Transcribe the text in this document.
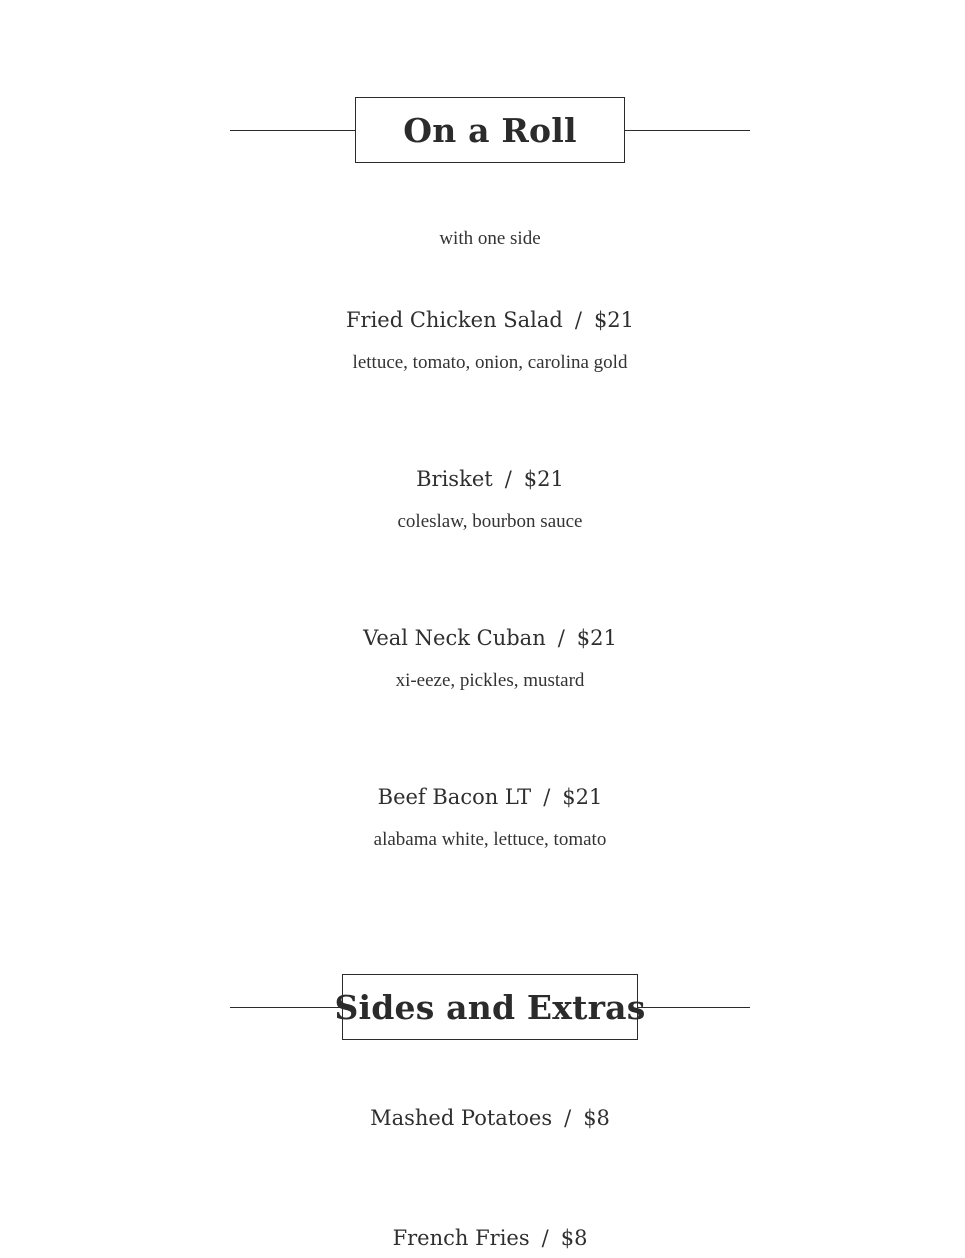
On a Roll
with one side
Fried Chicken Salad / $21
lettuce, tomato, onion, carolina gold
Brisket / $21
coleslaw, bourbon sauce
Veal Neck Cuban / $21
xi-eeze, pickles, mustard
Beef Bacon LT / $21
alabama white, lettuce, tomato
Sides and Extras
Mashed Potatoes / $8
French Fries / $8
